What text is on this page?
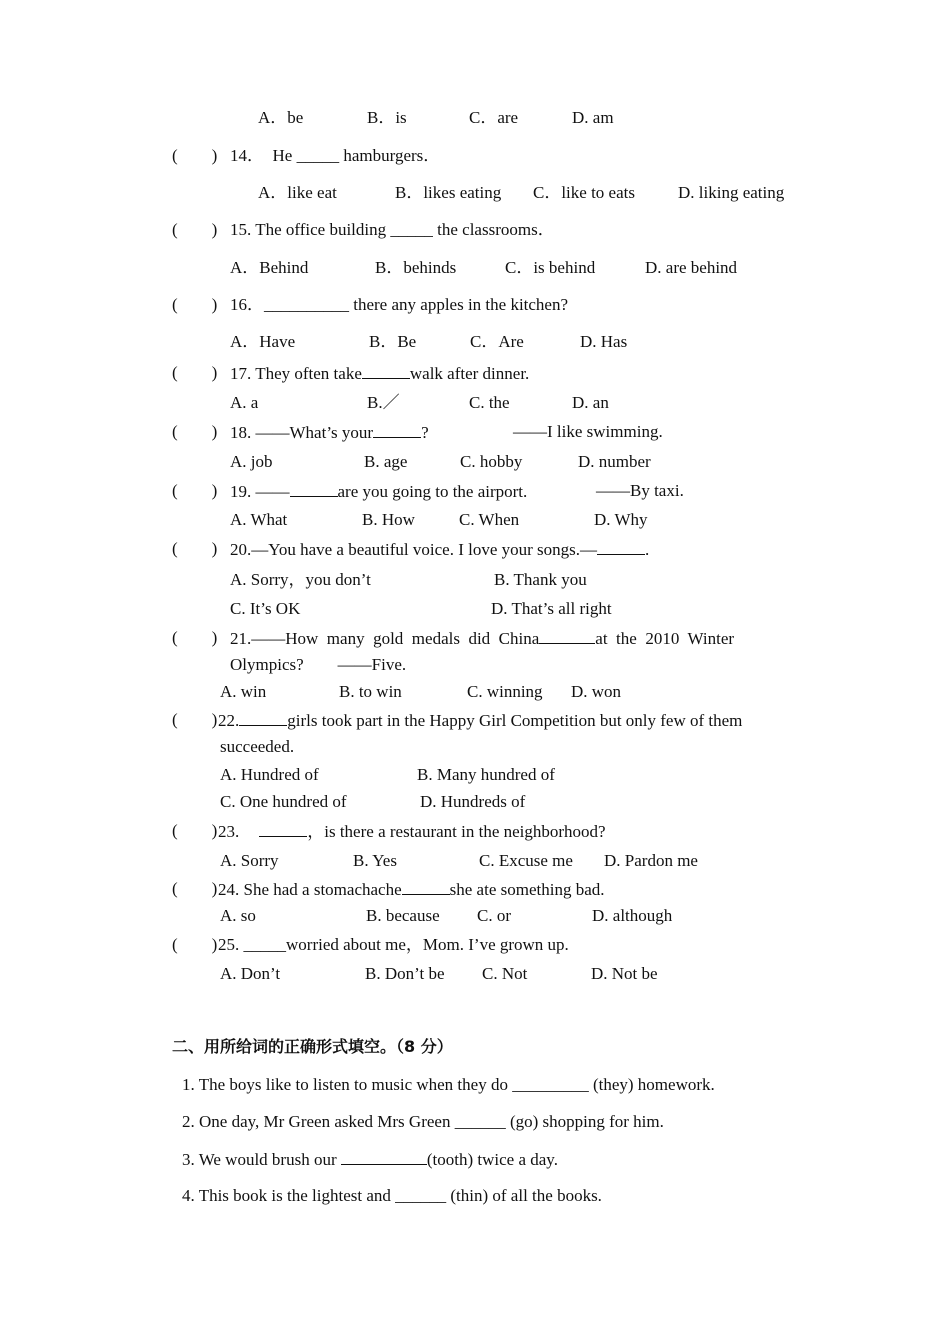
A．be	B．is	C．are	D. am
(　　) 14．　He _____ hamburgers．
A．like eat	B．likes eating C．like to eats	D. liking eating
(　　) 15. The office building _____ the classrooms．
A．Behind	B．behinds	C．is behind	D. are behind
(　　) 16．__________ there any apples in the kitchen?
A．Have	B．Be	C．Are	D. Has
(　　) 17. They often take	walk after dinner.
A. a	B.／	C. the	D. an
(　　) 18. ——What’s your	?	——I like swimming.
A. job	B. age	C. hobby	D. number
(　　) 19. ——	are you going to the airport.	——By taxi.
A. What	B. How	C. When	D. Why
(　　) 20.—You have a beautiful voice. I love your songs.—	.
A. Sorry，you don’t	B. Thank you
C. It’s OK	D. That’s all right
(　　) 21.——How  many  gold  medals  did  China	at  the  2010  Winter
Olympics?　　——Five.
A. win	B. to win	C. winning D. won
(　　) 22.	girls took part in the Happy Girl Competition but only few of them
succeeded.
A. Hundred of	B. Many hundred of
C. One hundred of	D. Hundreds of
(　　) 23.	，is there a restaurant in the neighborhood?
A. Sorry	B. Yes	C. Excuse me D. Pardon me
(　　) 24. She had a stomachache	she ate something bad.
A. so	B. because C. or	D. although
(　　) 25. _____worried about me，Mom. I’ve grown up.
A. Don’t	B. Don’t be C. Not	D. Not be
二、用所给词的正确形式填空。（8 分）
1. The boys like to listen to music when they do _________ (they) homework.
2. One day, Mr Green asked Mrs Green ______ (go) shopping for him.
3. We would brush our	(tooth) twice a day.
4. This book is the lightest and ______ (thin) of all the books.
